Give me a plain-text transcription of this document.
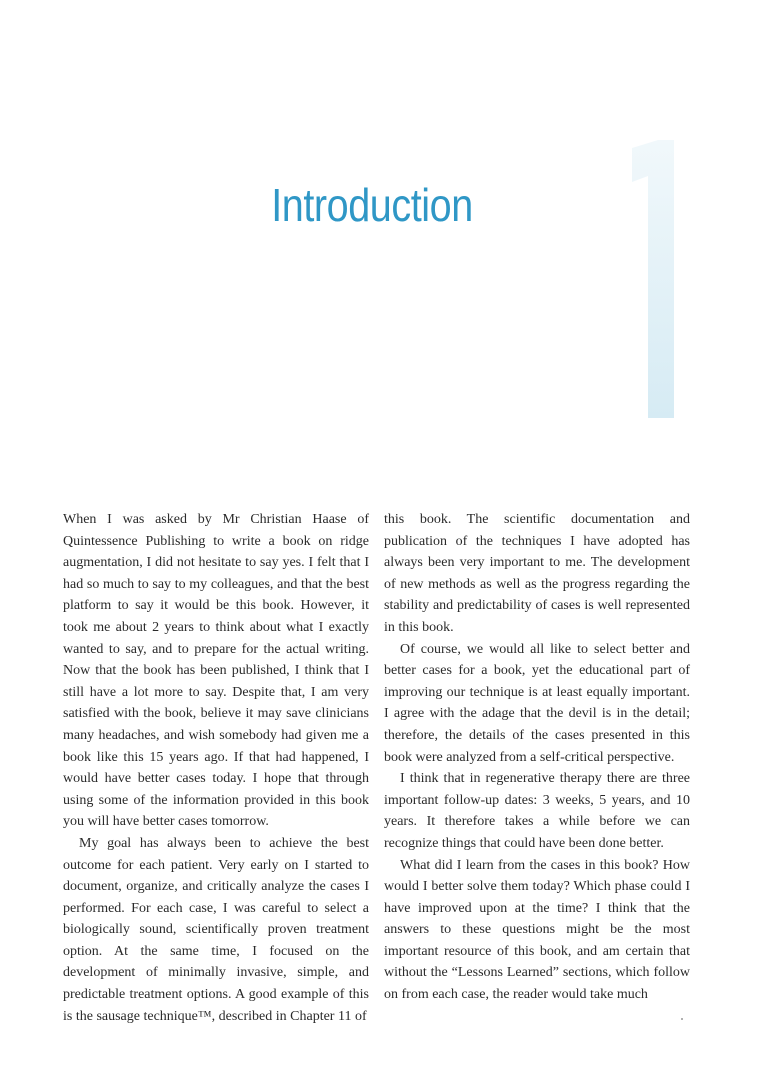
Introduction

When I was asked by Mr Christian Haase of Quintessence Publishing to write a book on ridge augmentation, I did not hesitate to say yes. I felt that I had so much to say to my colleagues, and that the best platform to say it would be this book. However, it took me about 2 years to think about what I exactly wanted to say, and to prepare for the actual writing. Now that the book has been published, I think that I still have a lot more to say. Despite that, I am very satisfied with the book, believe it may save clinicians many headaches, and wish somebody had given me a book like this 15 years ago. If that had happened, I would have better cases today. I hope that through using some of the information provided in this book you will have better cases tomorrow.

My goal has always been to achieve the best outcome for each patient. Very early on I started to document, organize, and critically analyze the cases I performed. For each case, I was careful to select a biologically sound, scientifically proven treatment option. At the same time, I focused on the development of minimally invasive, simple, and predictable treatment options. A good example of this is the sausage technique™, described in Chapter 11 of

this book. The scientific documentation and publication of the techniques I have adopted has always been very important to me. The development of new methods as well as the progress regarding the stability and predictability of cases is well represented in this book.

Of course, we would all like to select better and better cases for a book, yet the educational part of improving our technique is at least equally important. I agree with the adage that the devil is in the detail; therefore, the details of the cases presented in this book were analyzed from a self-critical perspective.

I think that in regenerative therapy there are three important follow-up dates: 3 weeks, 5 years, and 10 years. It therefore takes a while before we can recognize things that could have been done better.

What did I learn from the cases in this book? How would I better solve them today? Which phase could I have improved upon at the time? I think that the answers to these questions might be the most important resource of this book, and am certain that without the “Lessons Learned” sections, which follow on from each case, the reader would take much
